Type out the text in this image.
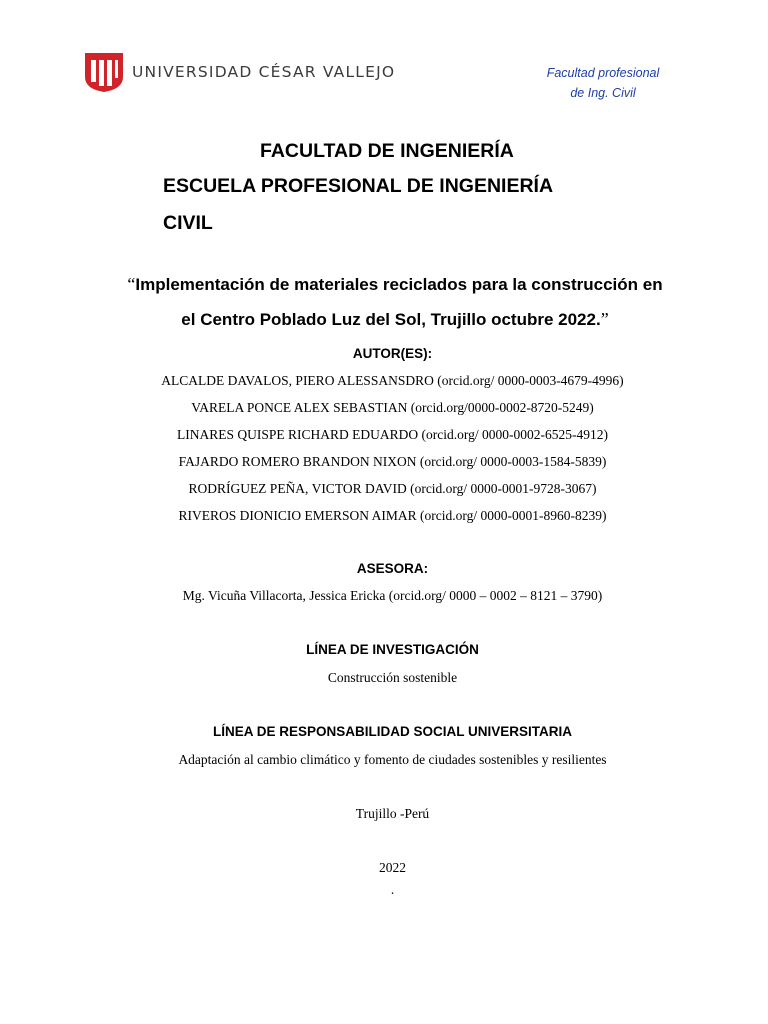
UNIVERSIDAD CÉSAR VALLEJO	Facultad profesional
de Ing. Civil
FACULTAD DE INGENIERÍA
ESCUELA PROFESIONAL DE INGENIERÍA
CIVIL
“Implementación de materiales reciclados para la construcción en
el Centro Poblado Luz del Sol, Trujillo octubre 2022.”
AUTOR(ES):
ALCALDE DAVALOS, PIERO ALESSANSDRO (orcid.org/ 0000-0003-4679-4996)
VARELA PONCE ALEX SEBASTIAN (orcid.org/0000-0002-8720-5249)
LINARES QUISPE RICHARD EDUARDO (orcid.org/ 0000-0002-6525-4912)
FAJARDO ROMERO BRANDON NIXON (orcid.org/ 0000-0003-1584-5839)
RODRÍGUEZ PEÑA, VICTOR DAVID (orcid.org/ 0000-0001-9728-3067)
RIVEROS DIONICIO EMERSON AIMAR (orcid.org/ 0000-0001-8960-8239)
ASESORA:
Mg. Vicuña Villacorta, Jessica Ericka (orcid.org/ 0000 – 0002 – 8121 – 3790)
LÍNEA DE INVESTIGACIÓN
Construcción sostenible
LÍNEA DE RESPONSABILIDAD SOCIAL UNIVERSITARIA
Adaptación al cambio climático y fomento de ciudades sostenibles y resilientes
Trujillo -Perú
2022
.
